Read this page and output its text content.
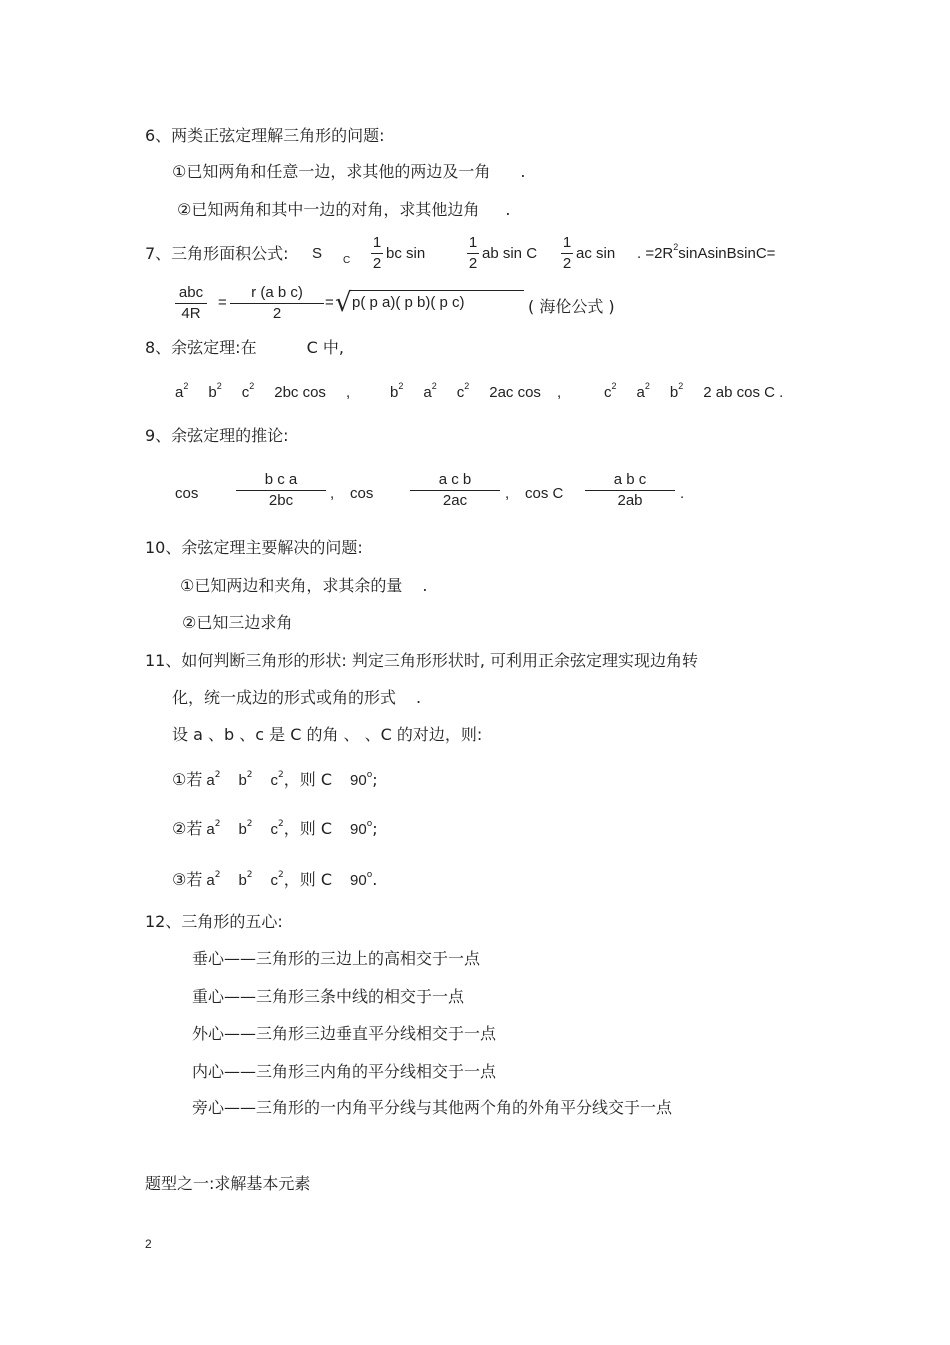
6、两类正弦定理解三角形的问题:
①已知两角和任意一边，求其他的两边及一角 .
②已知两角和其中一边的对角，求其他边角 .
7、三角形面积公式: S C
1
2
bc sin
1
2
ab sin C
1
2
ac sin . $=2R^2sinAsinBsinC=$
abc
4R
=
r (a b c)
2
= √ p( p a)( p b)( p c)	( 海伦公式 )
8、余弦定理:在	C 中,
$a^2$ $b^2$ $c^2$ 2bc cos ,	$b^2$ $a^2$ $c^2$ 2ac cos ,	$c^2$ $a^2$ $b^2$ 2 ab cos C .
9、余弦定理的推论:
cos
b c a
2bc	, cos
a c b
2ac	, cos C
a b c
2ab	.
10、余弦定理主要解决的问题:
①已知两边和夹角，求其余的量 .
②已知三边求角
11、如何判断三角形的形状: 判定三角形形状时, 可利用正余弦定理实现边角转
化，统一成边的形式或角的形式 .
设 a 、b 、c 是 C 的角 、 、C 的对边，则:
①若 $a^2$ $b^2$ $c^2$，则 C 90$^o$;
②若 $a^2$ $b^2$ $c^2$，则 C 90$^o$;
③若 $a^2$ $b^2$ $c^2$，则 C 90$^o$.
12、三角形的五心:
垂心——三角形的三边上的高相交于一点
重心——三角形三条中线的相交于一点
外心——三角形三边垂直平分线相交于一点
内心——三角形三内角的平分线相交于一点
旁心——三角形的一内角平分线与其他两个角的外角平分线交于一点
题型之一:求解基本元素
2
